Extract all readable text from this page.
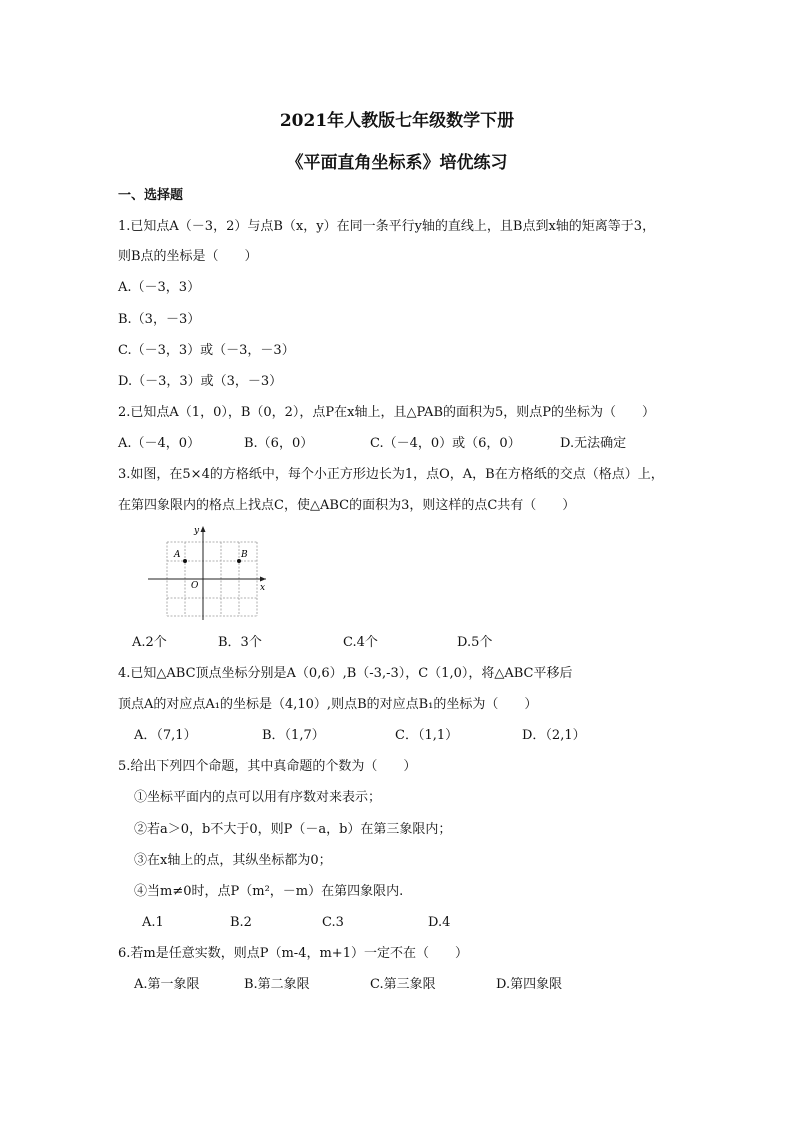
2021年人教版七年级数学下册
《平面直角坐标系》培优练习
一、选择题
1.已知点A（－3，2）与点B（x，y）在同一条平行y轴的直线上，且B点到x轴的矩离等于3，
则B点的坐标是（　　）
A.（－3，3）
B.（3，－3）
C.（－3，3）或（－3，－3）
D.（－3，3）或（3，－3）
2.已知点A（1，0），B（0，2），点P在x轴上，且△PAB的面积为5，则点P的坐标为（　　）
A.（－4，0）	B.（6，0）	C.（－4，0）或（6，0）	D.无法确定
3.如图，在5×4的方格纸中，每个小正方形边长为1，点O，A，B在方格纸的交点（格点）上，
在第四象限内的格点上找点C，使△ABC的面积为3，则这样的点C共有（　　）
y
x
A	B
O
A.2个	B．3个	C.4个	D.5个
4.已知△ABC顶点坐标分别是A（0,6）,B（-3,-3），C（1,0），将△ABC平移后
顶点A的对应点A₁的坐标是（4,10）,则点B的对应点B₁的坐标为（　　）
A．（7,1）	B．（1,7）	C．（1,1）	D．（2,1）
5.给出下列四个命题，其中真命题的个数为（　　）
①坐标平面内的点可以用有序数对来表示；
②若a＞0，b不大于0，则P（－a，b）在第三象限内；
③在x轴上的点，其纵坐标都为0；
④当m≠0时，点P（m²，－m）在第四象限内.
A.1	B.2	C.3	D.4
6.若m是任意实数，则点P（m-4，m+1）一定不在（　　）
A.第一象限	B.第二象限	C.第三象限	D.第四象限
